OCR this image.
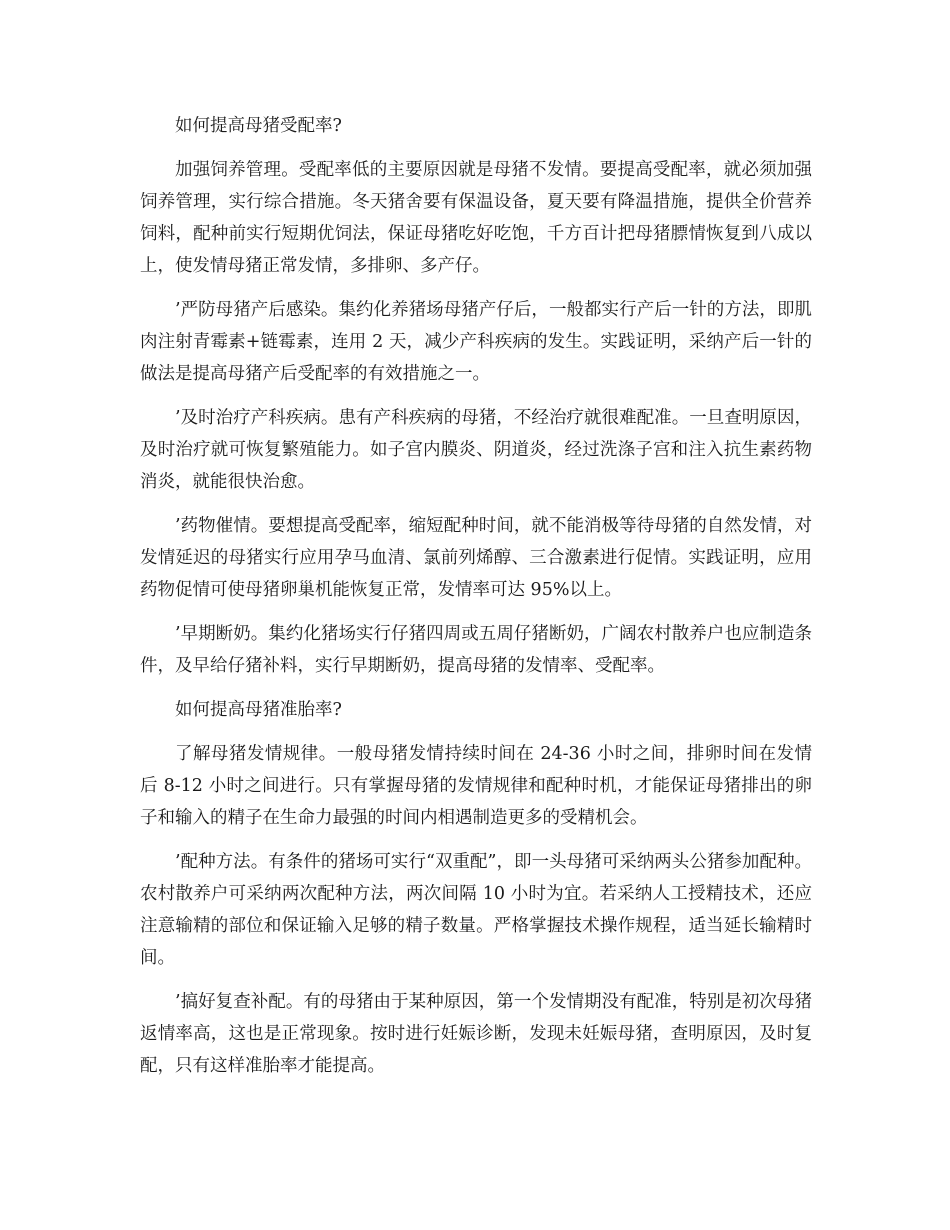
如何提高母猪受配率?

加强饲养管理。受配率低的主要原因就是母猪不发情。要提高受配率，就必须加强饲养管理，实行综合措施。冬天猪舍要有保温设备，夏天要有降温措施，提供全价营养饲料，配种前实行短期优饲法，保证母猪吃好吃饱，千方百计把母猪膘情恢复到八成以上，使发情母猪正常发情，多排卵、多产仔。

’严防母猪产后感染。集约化养猪场母猪产仔后，一般都实行产后一针的方法，即肌肉注射青霉素+链霉素，连用 2 天，减少产科疾病的发生。实践证明，采纳产后一针的做法是提高母猪产后受配率的有效措施之一。

’及时治疗产科疾病。患有产科疾病的母猪，不经治疗就很难配准。一旦查明原因，及时治疗就可恢复繁殖能力。如子宫内膜炎、阴道炎，经过洗涤子宫和注入抗生素药物消炎，就能很快治愈。

’药物催情。要想提高受配率，缩短配种时间，就不能消极等待母猪的自然发情，对发情延迟的母猪实行应用孕马血清、氯前列烯醇、三合激素进行促情。实践证明，应用药物促情可使母猪卵巢机能恢复正常，发情率可达 95%以上。

’早期断奶。集约化猪场实行仔猪四周或五周仔猪断奶，广阔农村散养户也应制造条件，及早给仔猪补料，实行早期断奶，提高母猪的发情率、受配率。

如何提高母猪准胎率?

了解母猪发情规律。一般母猪发情持续时间在 24-36 小时之间，排卵时间在发情后 8-12 小时之间进行。只有掌握母猪的发情规律和配种时机，才能保证母猪排出的卵子和输入的精子在生命力最强的时间内相遇制造更多的受精机会。

’配种方法。有条件的猪场可实行“双重配”，即一头母猪可采纳两头公猪参加配种。农村散养户可采纳两次配种方法，两次间隔 10 小时为宜。若采纳人工授精技术，还应注意输精的部位和保证输入足够的精子数量。严格掌握技术操作规程，适当延长输精时间。

’搞好复查补配。有的母猪由于某种原因，第一个发情期没有配准，特别是初次母猪返情率高，这也是正常现象。按时进行妊娠诊断，发现未妊娠母猪，查明原因，及时复配，只有这样准胎率才能提高。
